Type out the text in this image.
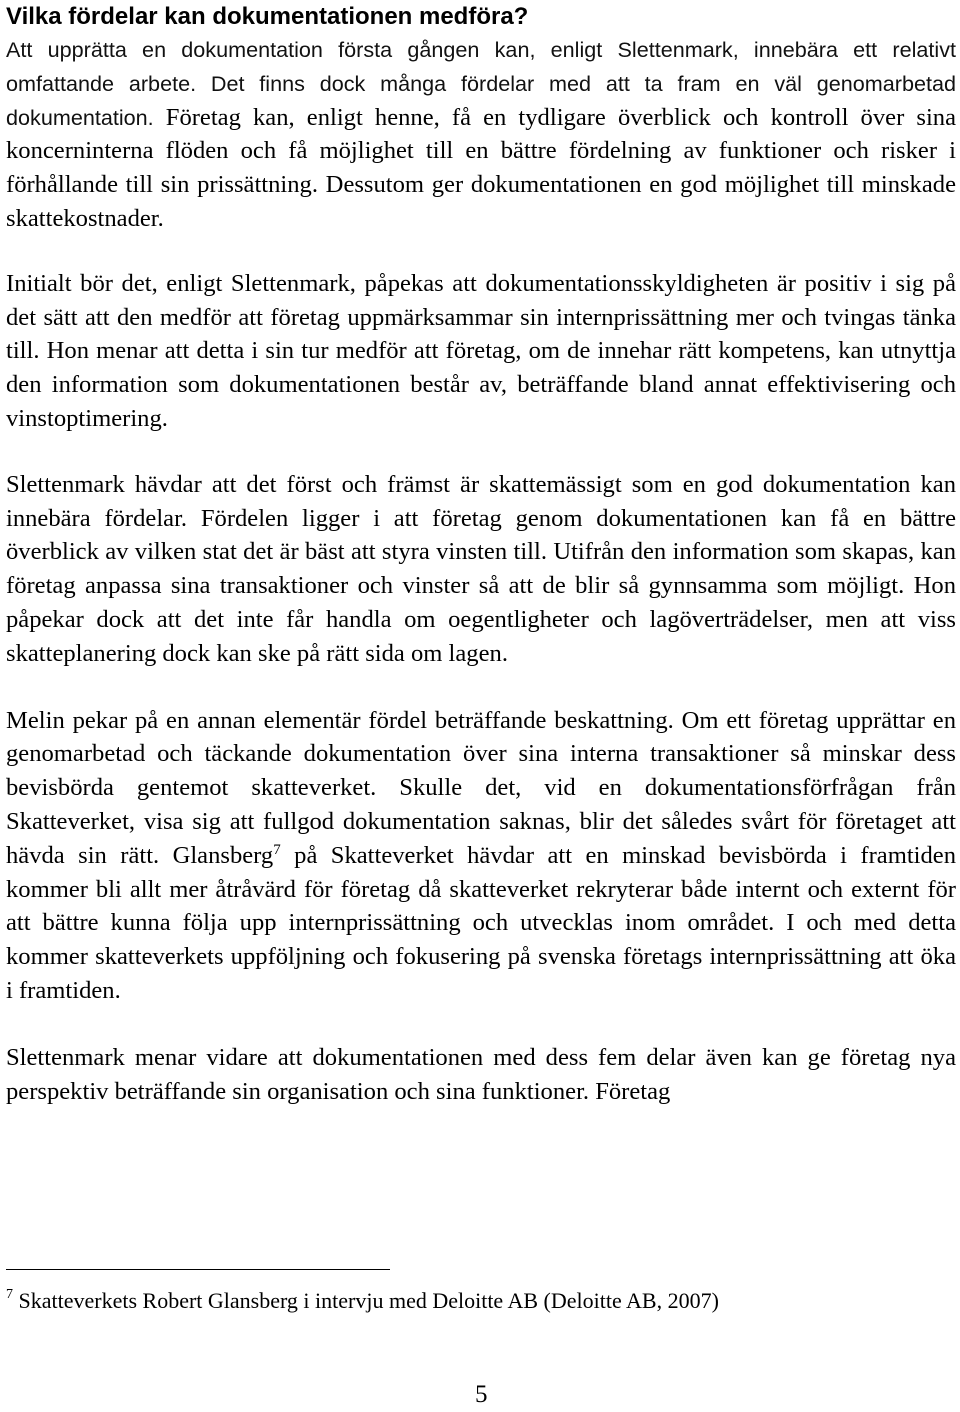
Vilka fördelar kan dokumentationen medföra?

Att upprätta en dokumentation första gången kan, enligt Slettenmark, innebära ett relativt omfattande arbete. Det finns dock många fördelar med att ta fram en väl genomarbetad dokumentation. Företag kan, enligt henne, få en tydligare överblick och kontroll över sina koncerninterna flöden och få möjlighet till en bättre fördelning av funktioner och risker i förhållande till sin prissättning. Dessutom ger dokumentationen en god möjlighet till minskade skattekostnader.

Initialt bör det, enligt Slettenmark, påpekas att dokumentationsskyldigheten är positiv i sig på det sätt att den medför att företag uppmärksammar sin internprissättning mer och tvingas tänka till. Hon menar att detta i sin tur medför att företag, om de innehar rätt kompetens, kan utnyttja den information som dokumentationen består av, beträffande bland annat effektivisering och vinstoptimering.

Slettenmark hävdar att det först och främst är skattemässigt som en god dokumentation kan innebära fördelar. Fördelen ligger i att företag genom dokumentationen kan få en bättre överblick av vilken stat det är bäst att styra vinsten till. Utifrån den information som skapas, kan företag anpassa sina transaktioner och vinster så att de blir så gynnsamma som möjligt. Hon påpekar dock att det inte får handla om oegentligheter och lagöverträdelser, men att viss skatteplanering dock kan ske på rätt sida om lagen.

Melin pekar på en annan elementär fördel beträffande beskattning. Om ett företag upprättar en genomarbetad och täckande dokumentation över sina interna transaktioner så minskar dess bevisbörda gentemot skatteverket. Skulle det, vid en dokumentationsförfrågan från Skatteverket, visa sig att fullgod dokumentation saknas, blir det således svårt för företaget att hävda sin rätt. Glansberg$^7$ på Skatteverket hävdar att en minskad bevisbörda i framtiden kommer bli allt mer åtråvärd för företag då skatteverket rekryterar både internt och externt för att bättre kunna följa upp internprissättning och utvecklas inom området. I och med detta kommer skatteverkets uppföljning och fokusering på svenska företags internprissättning att öka i framtiden.

Slettenmark menar vidare att dokumentationen med dess fem delar även kan ge företag nya perspektiv beträffande sin organisation och sina funktioner. Företag

$^7$ Skatteverkets Robert Glansberg i intervju med Deloitte AB (Deloitte AB, 2007)
5
